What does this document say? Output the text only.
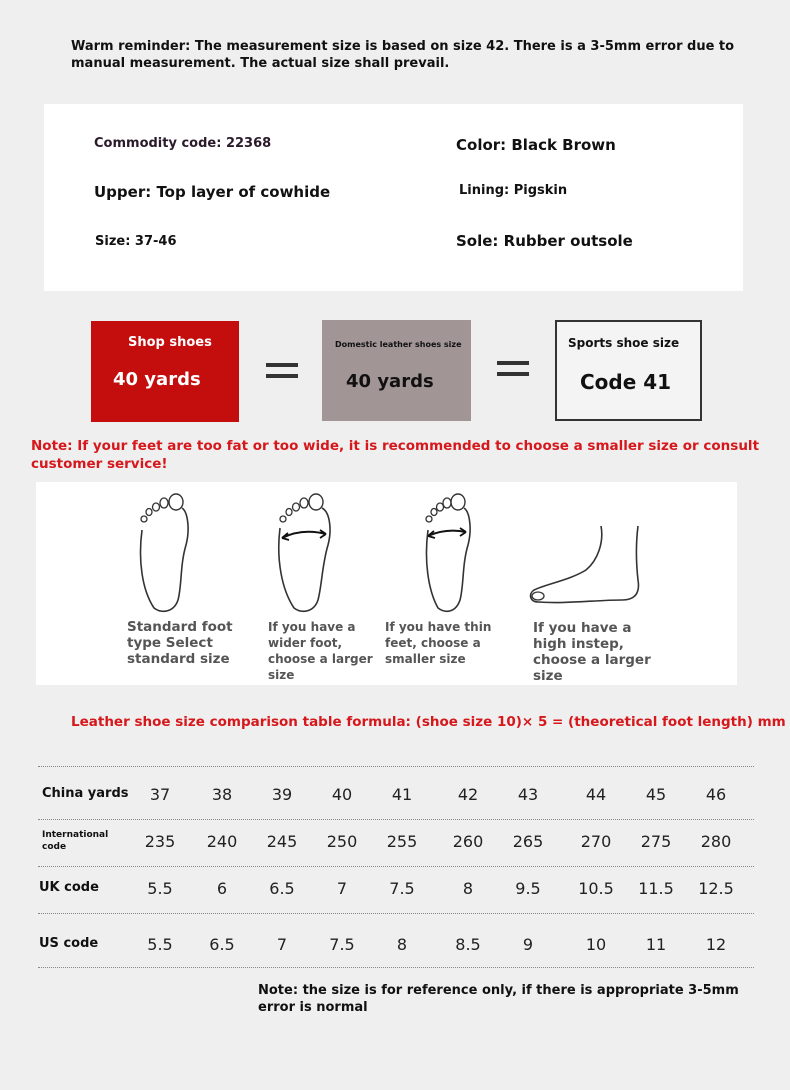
Warm reminder: The measurement size is based on size 42. There is a 3-5mm error due to manual measurement. The actual size shall prevail.
Commodity code: 22368	Color: Black Brown
Upper: Top layer of cowhide	Lining: Pigskin
Size: 37-46	Sole: Rubber outsole
Shop shoes
40 yards
Domestic leather shoes size
40 yards
Sports shoe size
Code 41
Note: If your feet are too fat or too wide, it is recommended to choose a smaller size or consult customer service!
Standard foot type Select standard size
If you have a wider foot, choose a larger size
If you have thin feet, choose a smaller size
If you have a high instep, choose a larger size
Leather shoe size comparison table formula: (shoe size 10)× 5 = (theoretical foot length) mm
China yards	37	38	39	40	41	42	43	44	45	46
International code	235	240	245	250	255	260	265	270	275	280
UK code	5.5	6	6.5	7	7.5	8	9.5	10.5	11.5	12.5
US code	5.5	6.5	7	7.5	8	8.5	9	10	11	12
Note: the size is for reference only, if there is appropriate 3-5mm error is normal
